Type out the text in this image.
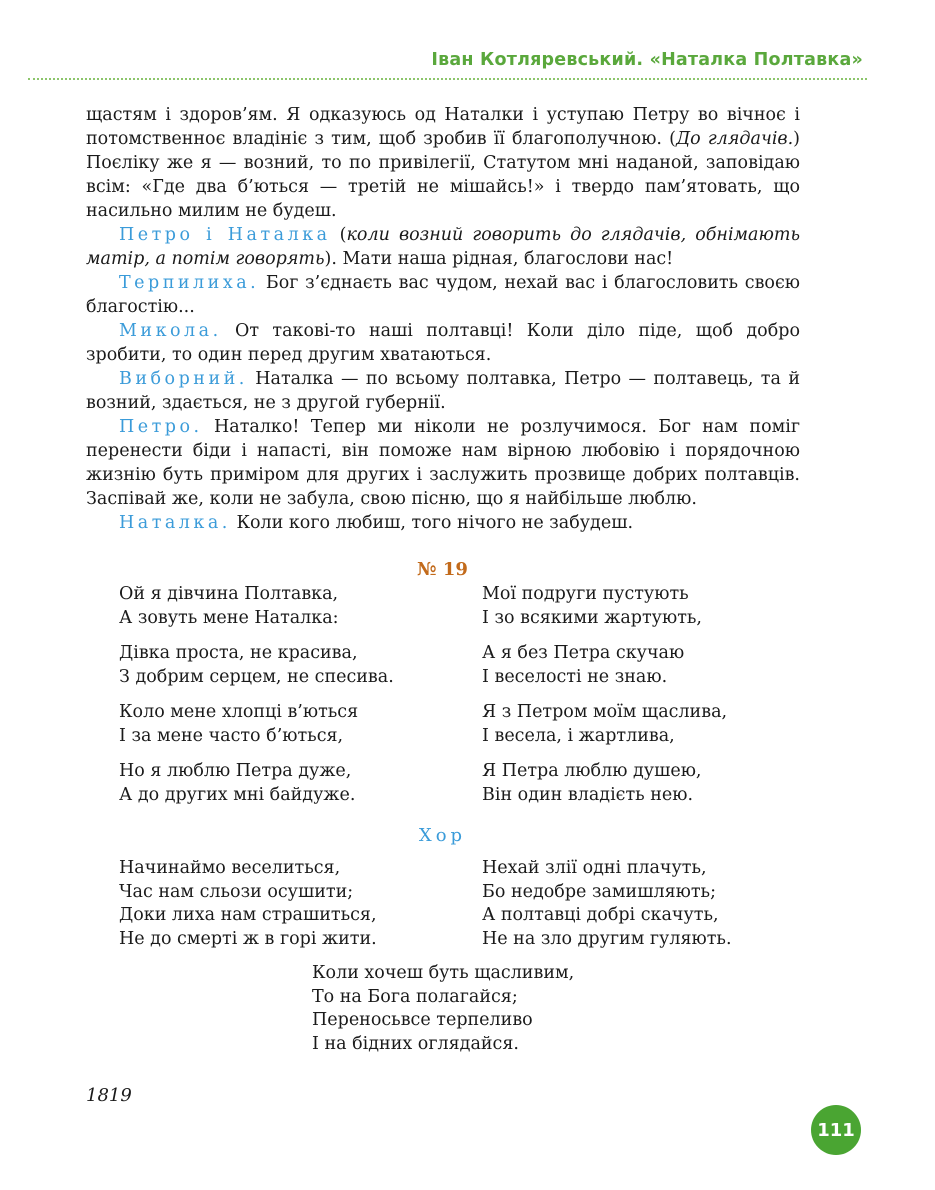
Іван Котляревський. «Наталка Полтавка»

щастям і здоров’ям. Я одказуюсь од Наталки і уступаю Петру во вічноє і потомственноє владініє з тим, щоб зробив її благополучною. (До глядачів.) Поєліку же я — возний, то по привілегії, Статутом мні наданой, заповідаю всім: «Где два б’ються — третій не мішайсь!» і твердо пам’ятовать, що насильно милим не будеш.

Петро і Наталка (коли возний говорить до глядачів, обнімають матір, а потім говорять). Мати наша рідная, благослови нас!

Терпилиха. Бог з’єднаєть вас чудом, нехай вас і благословить своєю благостію...

Микола. От такові-то наші полтавці! Коли діло піде, щоб добро зробити, то один перед другим хватаються.

Виборний. Наталка — по всьому полтавка, Петро — полтавець, та й возний, здається, не з другой губернії.

Петро. Наталко! Тепер ми ніколи не розлучимося. Бог нам поміг перенести біди і напасті, він поможе нам вірною любовію і порядочною жизнію буть приміром для других і заслужить прозвище добрих полтавців. Заспівай же, коли не забула, свою пісню, що я найбільше люблю.

Наталка. Коли кого любиш, того нічого не забудеш.

№ 19
Ой я дівчина Полтавка,
А зовуть мене Наталка:
Дівка проста, не красива,
З добрим серцем, не спесива.
Коло мене хлопці в’ються
І за мене часто б’ються,
Но я люблю Петра дуже,
А до других мні байдуже.
Мої подруги пустують
І зо всякими жартують,
А я без Петра скучаю
І веселості не знаю.
Я з Петром моїм щаслива,
І весела, і жартлива,
Я Петра люблю душею,
Він один владієть нею.
Хор
Начинаймо веселиться,
Час нам сльози осушити;
Доки лиха нам страшиться,
Не до смерті ж в горі жити.
Нехай злії одні плачуть,
Бо недобре замишляють;
А полтавці добрі скачуть,
Не на зло другим гуляють.
Коли хочеш буть щасливим,
То на Бога полагайся;
Переносьвсе терпеливо
І на бідних оглядайся.
1819
111
